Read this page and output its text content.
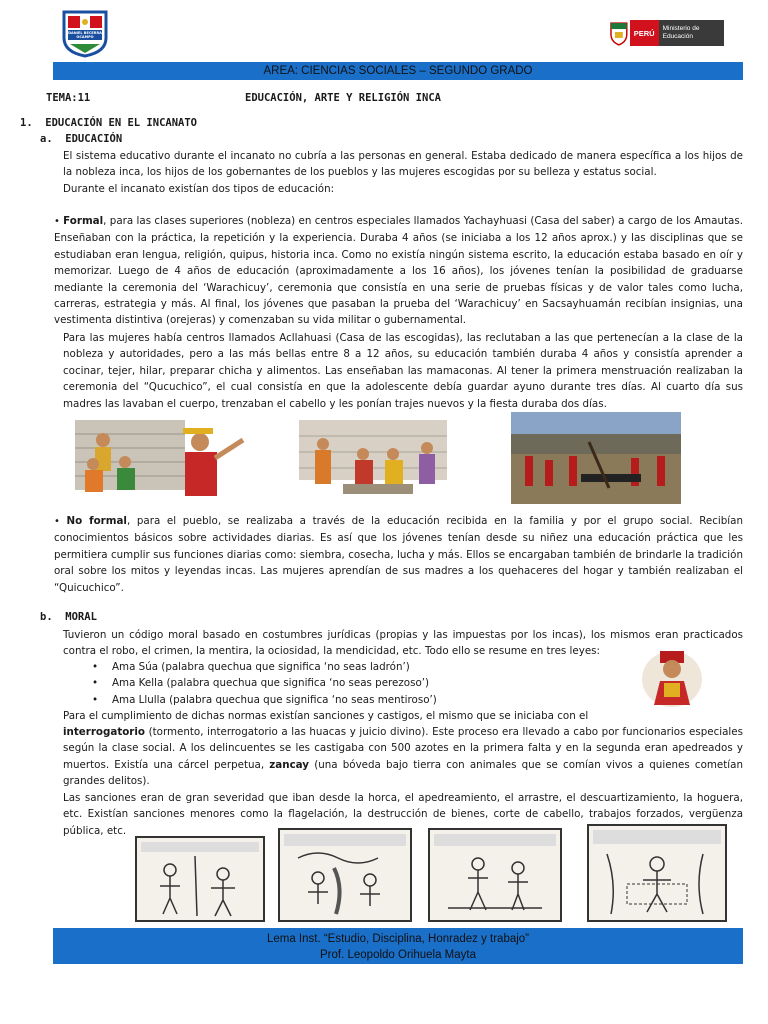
DANIEL BECERRA OCAMPO	PERÚ	Ministerio de Educación
AREA: CIENCIAS SOCIALES – SEGUNDO GRADO
TEMA:11	EDUCACIÓN, ARTE Y RELIGIÓN INCA
1.  EDUCACIÓN EN EL INCANATO
a.  EDUCACIÓN
El sistema educativo durante el incanato no cubría a las personas en general. Estaba dedicado de manera específica a los hijos de la nobleza inca, los hijos de los gobernantes de los pueblos y las mujeres escogidas por su belleza y estatus social.
Durante el incanato existían dos tipos de educación:
• Formal, para las clases superiores (nobleza) en centros especiales llamados Yachayhuasi (Casa del saber) a cargo de los Amautas. Enseñaban con la práctica, la repetición y la experiencia. Duraba 4 años (se iniciaba a los 12 años aprox.) y las disciplinas que se estudiaban eran lengua, religión, quipus, historia inca. Como no existía ningún sistema escrito, la educación estaba basado en oír y memorizar. Luego de 4 años de educación (aproximadamente a los 16 años), los jóvenes tenían la posibilidad de graduarse mediante la ceremonia del ‘Warachicuy’, ceremonia que consistía en una serie de pruebas físicas y de valor tales como lucha, carreras, estrategia y más. Al final, los jóvenes que pasaban la prueba del ‘Warachicuy’ en Sacsayhuamán recibían insignias, una vestimenta distintiva (orejeras) y comenzaban su vida militar o gubernamental.
Para las mujeres había centros llamados Acllahuasi (Casa de las escogidas), las reclutaban a las que pertenecían a la clase de la nobleza y autoridades, pero a las más bellas entre 8 a 12 años, su educación también duraba 4 años y consistía aprender a cocinar, tejer, hilar, preparar chicha y alimentos. Las enseñaban las mamaconas. Al tener la primera menstruación realizaban la ceremonia del “Qucuchico”, el cual consistía en que la adolescente debía guardar ayuno durante tres días. Al cuarto día sus madres las lavaban el cuerpo, trenzaban el cabello y les ponían trajes nuevos y la fiesta duraba dos días.
• No formal, para el pueblo, se realizaba a través de la educación recibida en la familia y por el grupo social. Recibían conocimientos básicos sobre actividades diarias. Es así que los jóvenes tenían desde su niñez una educación práctica que les permitiera cumplir sus funciones diarias como: siembra, cosecha, lucha y más. Ellos se encargaban también de brindarle la tradición oral sobre los mitos y leyendas incas. Las mujeres aprendían de sus madres a los quehaceres del hogar y también realizaban el “Quicuchico”.
b.  MORAL
Tuvieron un código moral basado en costumbres jurídicas (propias y las impuestas por los incas), los mismos eran practicados contra el robo, el crimen, la mentira, la ociosidad, la mendicidad, etc. Todo ello se resume en tres leyes:
• Ama Súa (palabra quechua que significa ‘no seas ladrón’)
• Ama Kella (palabra quechua que significa ‘no seas perezoso’)
• Ama Llulla (palabra quechua que significa ‘no seas mentiroso’)
Para el cumplimiento de dichas normas existían sanciones y castigos, el mismo que se iniciaba con el
interrogatorio (tormento, interrogatorio a las huacas y juicio divino). Este proceso era llevado a cabo por funcionarios especiales según la clase social. A los delincuentes se les castigaba con 500 azotes en la primera falta y en la segunda eran apedreados y muertos. Existía una cárcel perpetua, zancay (una bóveda bajo tierra con animales que se comían vivos a quienes cometían grandes delitos).
Las sanciones eran de gran severidad que iban desde la horca, el apedreamiento, el arrastre, el descuartizamiento, la hoguera, etc. Existían sanciones menores como la flagelación, la destrucción de bienes, corte de cabello, trabajos forzados, vergüenza pública, etc.
Lema Inst. “Estudio, Disciplina, Honradez y trabajo”
Prof. Leopoldo Orihuela Mayta
